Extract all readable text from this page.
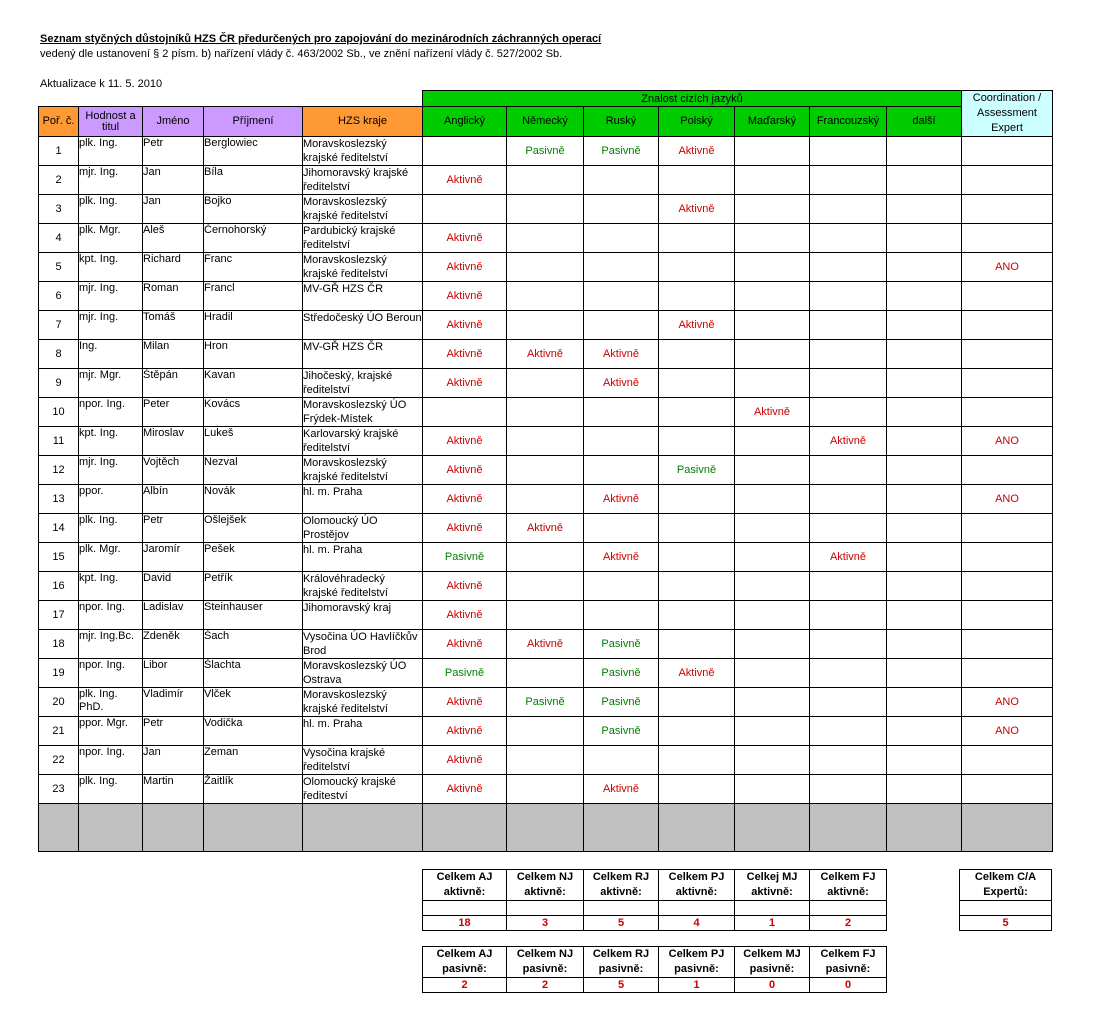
Seznam styčných důstojníků HZS ČR předurčených pro zapojování do mezinárodních záchranných operací
vedený dle ustanovení § 2 písm. b) nařízení vlády č. 463/2002 Sb., ve znění nařízení vlády č. 527/2002 Sb.
Aktualizace k 11. 5. 2010
					Znalost cizích jazyků							Coordination / Assessment Expert
Poř. č.	Hodnost a titul	Jméno	Příjmení	HZS kraje	Anglický	Německý	Ruský	Polský	Maďarský	Francouzský	další	
1	plk. Ing.	Petr	Berglowiec	Moravskoslezský krajské ředitelství		Pasivně	Pasivně	Aktivně				
2	mjr. Ing.	Jan	Bíla	Jihomoravský krajské ředitelství	Aktivně							
3	plk. Ing.	Jan	Bojko	Moravskoslezský krajské ředitelství				Aktivně				
4	plk. Mgr.	Aleš	Černohorský	Pardubický krajské ředitelství	Aktivně							
5	kpt. Ing.	Richard	Franc	Moravskoslezský krajské ředitelství	Aktivně							ANO
6	mjr. Ing.	Roman	Francl	MV-GŘ HZS ČR	Aktivně							
7	mjr. Ing.	Tomáš	Hradil	Středočeský ÚO Beroun	Aktivně			Aktivně				
8	Ing.	Milan	Hron	MV-GŘ HZS ČR	Aktivně	Aktivně	Aktivně					
9	mjr. Mgr.	Štěpán	Kavan	Jihočeský, krajské ředitelství	Aktivně		Aktivně					
10	npor. Ing.	Peter	Kovács	Moravskoslezský ÚO Frýdek-Místek					Aktivně			
11	kpt. Ing.	Miroslav	Lukeš	Karlovarský krajské ředitelství	Aktivně					Aktivně		ANO
12	mjr. Ing.	Vojtěch	Nezval	Moravskoslezský krajské ředitelství	Aktivně			Pasivně				
13	ppor.	Albín	Novák	hl. m. Praha	Aktivně		Aktivně					ANO
14	plk. Ing.	Petr	Ošlejšek	Olomoucký ÚO Prostějov	Aktivně	Aktivně						
15	plk. Mgr.	Jaromír	Pešek	hl. m. Praha	Pasivně		Aktivně			Aktivně		
16	kpt. Ing.	David	Petřík	Královéhradecký krajské ředitelství	Aktivně							
17	npor. Ing.	Ladislav	Steinhauser	Jihomoravský kraj	Aktivně							
18	mjr. Ing.Bc.	Zdeněk	Šach	Vysočina ÚO Havlíčkův Brod	Aktivně	Aktivně	Pasivně					
19	npor. Ing.	Libor	Šlachta	Moravskoslezský ÚO Ostrava	Pasivně		Pasivně	Aktivně				
20	plk. Ing. PhD.	Vladimír	Vlček	Moravskoslezský krajské ředitelství	Aktivně	Pasivně	Pasivně					ANO
21	ppor. Mgr.	Petr	Vodička	hl. m. Praha	Aktivně		Pasivně					ANO
22	npor. Ing.	Jan	Zeman	Vysočina krajské ředitelství	Aktivně							
23	plk. Ing.	Martin	Žaitlík	Olomoucký krajské řediteství	Aktivně		Aktivně					

Celkem AJ aktivně:	Celkem NJ aktivně:	Celkem RJ aktivně:	Celkem PJ aktivně:	Celkej MJ aktivně:	Celkem FJ aktivně:

18	3	5	4	1	2
Celkem C/A Expertů:

5
Celkem AJ pasivně:	Celkem NJ pasivně:	Celkem RJ pasivně:	Celkem PJ pasivně:	Celkem MJ pasivně:	Celkem FJ pasivně:
2	2	5	1	0	0
